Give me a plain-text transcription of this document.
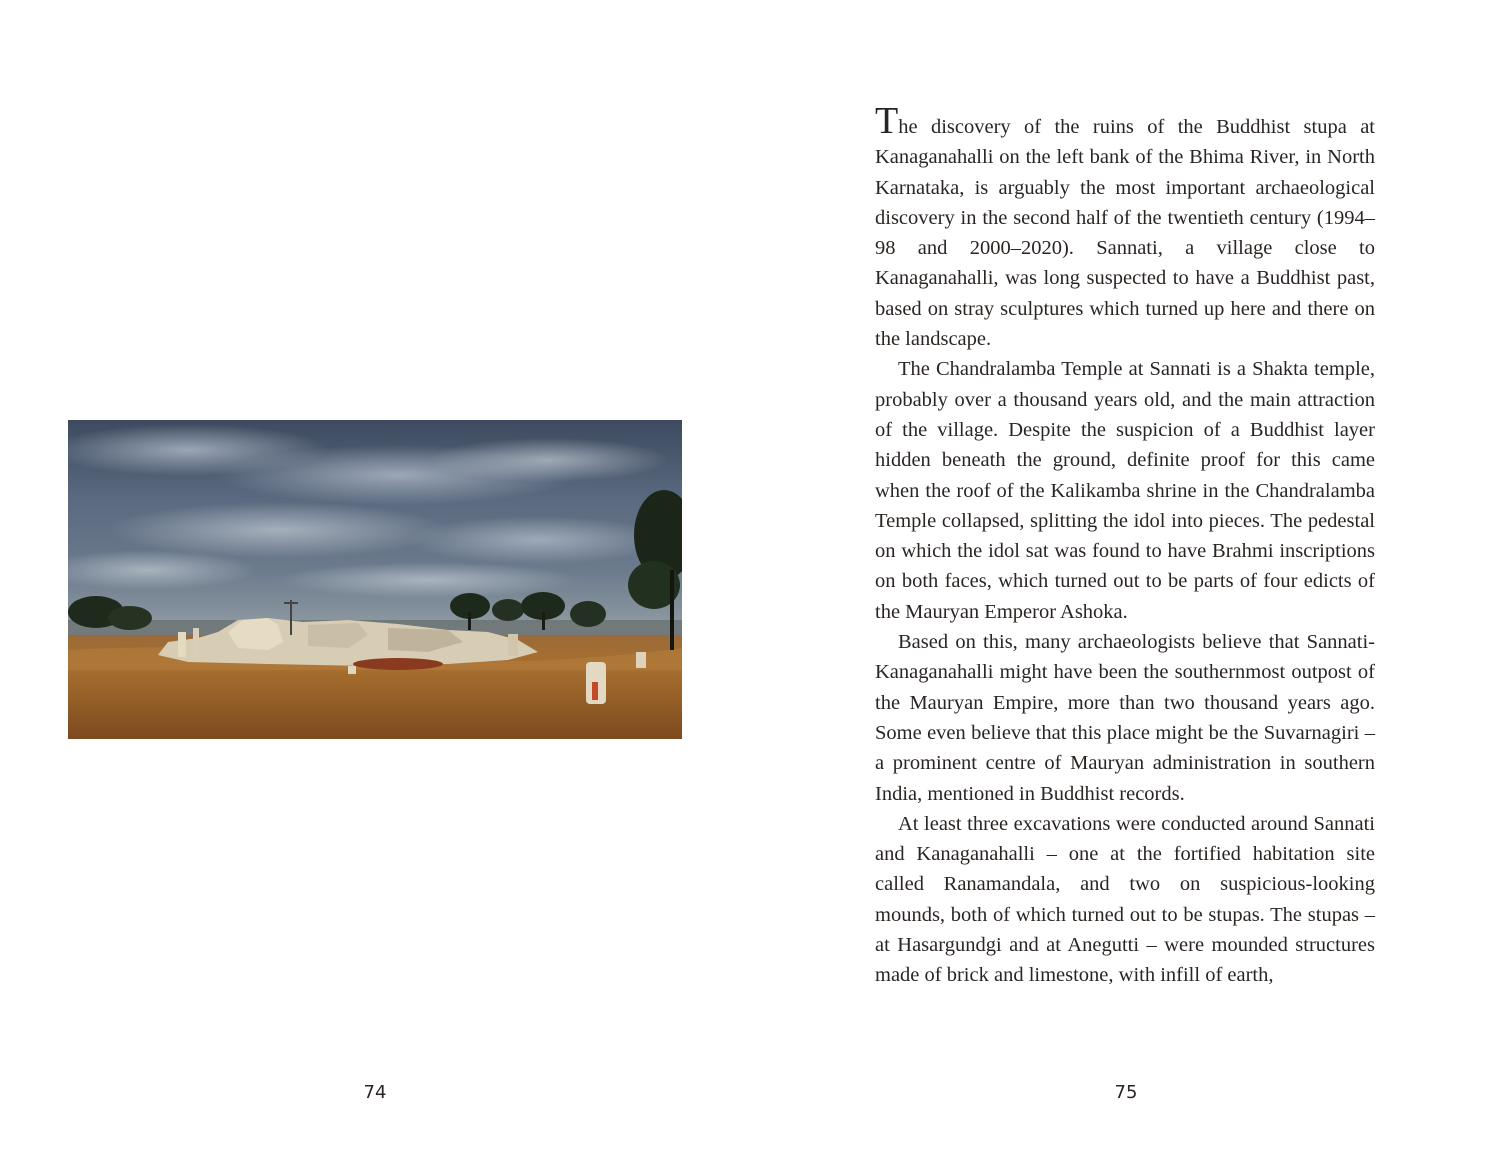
74

The discovery of the ruins of the Buddhist stupa at Kanaganahalli on the left bank of the Bhima River, in North Karnataka, is arguably the most important archaeological discovery in the second half of the twentieth century (1994–98 and 2000–2020). Sannati, a village close to Kanaganahalli, was long suspected to have a Buddhist past, based on stray sculptures which turned up here and there on the landscape.

The Chandralamba Temple at Sannati is a Shakta temple, probably over a thousand years old, and the main attraction of the village. Despite the suspicion of a Buddhist layer hidden beneath the ground, definite proof for this came when the roof of the Kalikamba shrine in the Chandralamba Temple collapsed, splitting the idol into pieces. The pedestal on which the idol sat was found to have Brahmi inscriptions on both faces, which turned out to be parts of four edicts of the Mauryan Emperor Ashoka.

Based on this, many archaeologists believe that Sannati-Kanaganahalli might have been the southernmost outpost of the Mauryan Empire, more than two thousand years ago. Some even believe that this place might be the Suvarnagiri – a prominent centre of Mauryan administration in southern India, mentioned in Buddhist records.

At least three excavations were conducted around Sannati and Kanaganahalli – one at the fortified habitation site called Ranamandala, and two on suspicious-looking mounds, both of which turned out to be stupas. The stupas – at Hasargundgi and at Anegutti – were mounded structures made of brick and limestone, with infill of earth,

75
